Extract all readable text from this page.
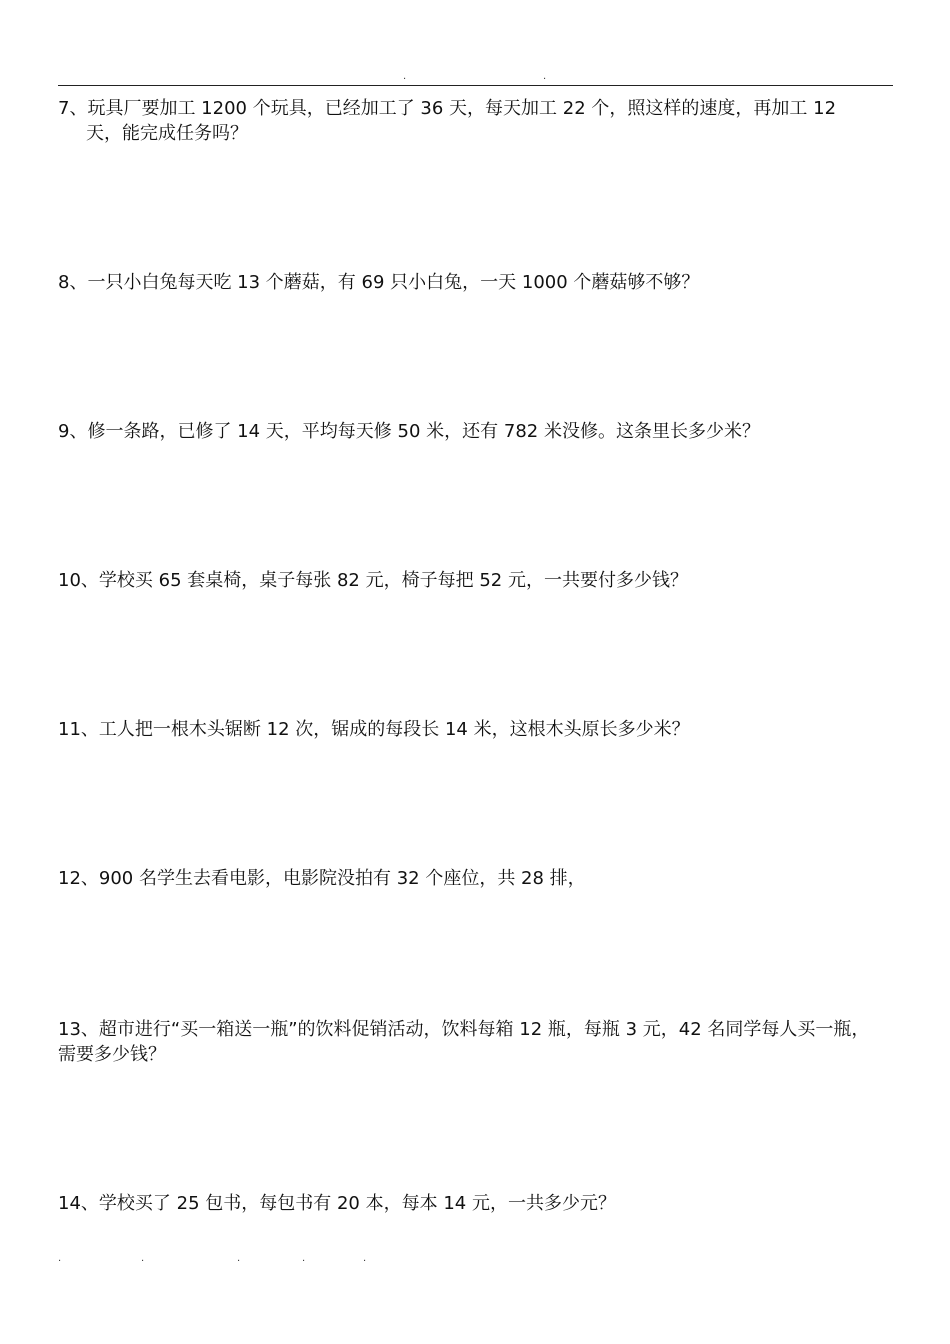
.	.

7、玩具厂要加工 1200 个玩具，已经加工了 36 天，每天加工 22 个，照这样的速度，再加工 12
天，能完成任务吗？

8、一只小白兔每天吃 13 个蘑菇，有 69 只小白兔，一天 1000 个蘑菇够不够？

9、修一条路，已修了 14 天，平均每天修 50 米，还有 782 米没修。这条里长多少米？

10、学校买 65 套桌椅，桌子每张 82 元，椅子每把 52 元，一共要付多少钱？

11、工人把一根木头锯断 12 次，锯成的每段长 14 米，这根木头原长多少米？

12、900 名学生去看电影，电影院没拍有 32 个座位，共 28 排，

13、超市进行“买一箱送一瓶”的饮料促销活动，饮料每箱 12 瓶，每瓶 3 元，42 名同学每人买一瓶，
需要多少钱？

14、学校买了 25 包书，每包书有 20 本，每本 14 元，一共多少元？

.	.	.	.	.
